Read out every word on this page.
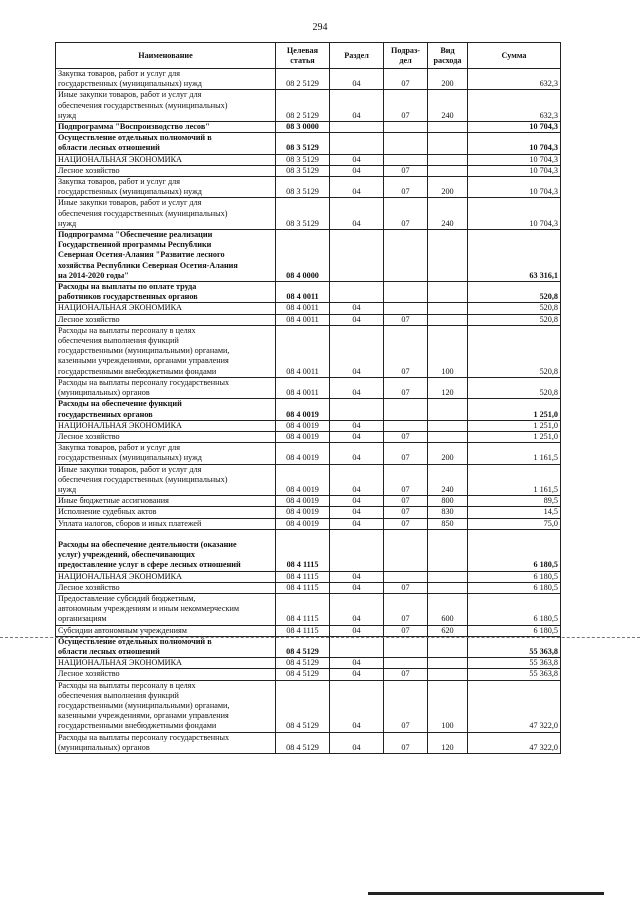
294
Наименование	Целевая статья	Раздел	Подраз-дел	Вид расхода	Сумма

Закупка товаров, работ и услуг для
государственных (муниципальных) нужд	08 2 5129	04	07	200	632,3

Иные закупки товаров, работ и услуг для
обеспечения государственных (муниципальных)
нужд	08 2 5129	04	07	240	632,3

Подпрограмма "Воспроизводство лесов"	08 3 0000				10 704,3

Осуществление отдельных полномочий в
области лесных отношений	08 3 5129				10 704,3

НАЦИОНАЛЬНАЯ ЭКОНОМИКА	08 3 5129	04			10 704,3

Лесное хозяйство	08 3 5129	04	07		10 704,3

Закупка товаров, работ и услуг для
государственных (муниципальных) нужд	08 3 5129	04	07	200	10 704,3

Иные закупки товаров, работ и услуг для
обеспечения государственных (муниципальных)
нужд	08 3 5129	04	07	240	10 704,3

Подпрограмма "Обеспечение реализации
Государственной программы Республики
Северная Осетия-Алания "Развитие лесного
хозяйства Республики Северная Осетия-Алания
на 2014-2020 годы"	08 4 0000				63 316,1

Расходы на выплаты по оплате труда
работников государственных органов	08 4 0011				520,8

НАЦИОНАЛЬНАЯ ЭКОНОМИКА	08 4 0011	04			520,8

Лесное хозяйство	08 4 0011	04	07		520,8

Расходы на выплаты персоналу в целях
обеспечения выполнения функций
государственными (муниципальными) органами,
казенными учреждениями, органами управления
государственными внебюджетными фондами	08 4 0011	04	07	100	520,8

Расходы на выплаты персоналу государственных
(муниципальных) органов	08 4 0011	04	07	120	520,8

Расходы на обеспечение функций
государственных органов	08 4 0019				1 251,0

НАЦИОНАЛЬНАЯ ЭКОНОМИКА	08 4 0019	04			1 251,0

Лесное хозяйство	08 4 0019	04	07		1 251,0

Закупка товаров, работ и услуг для
государственных (муниципальных) нужд	08 4 0019	04	07	200	1 161,5

Иные закупки товаров, работ и услуг для
обеспечения государственных (муниципальных)
нужд	08 4 0019	04	07	240	1 161,5

Иные бюджетные ассигнования	08 4 0019	04	07	800	89,5

Исполнение судебных актов	08 4 0019	04	07	830	14,5

Уплата налогов, сборов и иных платежей	08 4 0019	04	07	850	75,0

Расходы на обеспечение деятельности (оказание
услуг) учреждений, обеспечивающих
предоставление услуг в сфере лесных отношений	08 4 1115				6 180,5

НАЦИОНАЛЬНАЯ ЭКОНОМИКА	08 4 1115	04			6 180,5

Лесное хозяйство	08 4 1115	04	07		6 180,5

Предоставление субсидий бюджетным,
автономным учреждениям и иным некоммерческим
организациям	08 4 1115	04	07	600	6 180,5

Субсидии автономным учреждениям	08 4 1115	04	07	620	6 180,5

Осуществление отдельных полномочий в
области лесных отношений	08 4 5129				55 363,8

НАЦИОНАЛЬНАЯ ЭКОНОМИКА	08 4 5129	04			55 363,8

Лесное хозяйство	08 4 5129	04	07		55 363,8

Расходы на выплаты персоналу в целях
обеспечения выполнения функций
государственными (муниципальными) органами,
казенными учреждениями, органами управления
государственными внебюджетными фондами	08 4 5129	04	07	100	47 322,0

Расходы на выплаты персоналу государственных
(муниципальных) органов	08 4 5129	04	07	120	47 322,0
